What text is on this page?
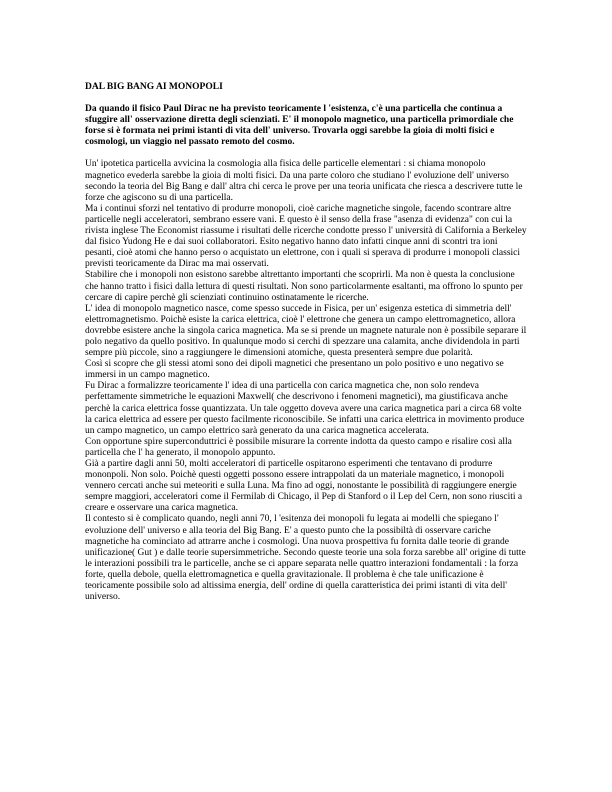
DAL BIG BANG AI MONOPOLI
Da quando il fisico Paul Dirac ne ha previsto teoricamente l 'esistenza, c'è una particella che continua a sfuggire all' osservazione diretta degli scienziati. E' il monopolo magnetico, una particella primordiale che forse si è formata nei primi istanti di vita dell' universo. Trovarla oggi sarebbe la gioia di molti fisici e cosmologi, un viaggio nel passato remoto del cosmo.

Un' ipotetica particella avvicina la cosmologia alla fisica delle particelle elementari : si chiama monopolo magnetico evederla sarebbe la gioia di molti fisici. Da una parte coloro che studiano l' evoluzione dell' universo secondo la teoria del Big Bang e dall' altra chi cerca le prove per una teoria unificata che riesca a descrivere tutte le forze che agiscono su di una particella.

Ma i continui sforzi nel tentativo di produrre monopoli, cioè cariche magnetiche singole, facendo scontrare altre particelle negli acceleratori, sembrano essere vani. E questo è il senso della frase "asenza di evidenza" con cui la rivista inglese The Economist riassume i risultati delle ricerche condotte presso l' università di California a Berkeley dal fisico Yudong He e dai suoi collaboratori. Esito negativo hanno dato infatti cinque anni di scontri tra ioni pesanti, cioè atomi che hanno perso o acquistato un elettrone, con i quali si sperava di produrre i monopoli classici previsti teoricamente da Dirac ma mai osservati.

Stabilire che i monopoli non esistono sarebbe altrettanto importanti che scoprirli. Ma non è questa la conclusione che hanno tratto i fisici dalla lettura di questi risultati. Non sono particolarmente esaltanti, ma offrono lo spunto per cercare di capire perchè gli scienziati continuino ostinatamente le ricerche.

L' idea di monopolo magnetico nasce, come spesso succede in Fisica, per un' esigenza estetica di simmetria dell' elettromagnetismo. Poichè esiste la carica elettrica, cioè l' elettrone che genera un campo elettromagnetico, allora dovrebbe esistere anche la singola carica magnetica. Ma se si prende un magnete naturale non è possibile separare il polo negativo da quello positivo. In qualunque modo si cerchi di spezzare una calamita, anche dividendola in parti sempre più piccole, sino a raggiungere le dimensioni atomiche, questa presenterà sempre due polarità.

Così si scopre che gli stessi atomi sono dei dipoli magnetici che presentano un polo positivo e uno negativo se immersi in un campo magnetico.

Fu Dirac a formalizzre teoricamente l' idea di una particella con carica magnetica che, non solo rendeva perfettamente simmetriche le equazioni Maxwell( che descrivono i fenomeni magnetici), ma giustificava anche perchè la carica elettrica fosse quantizzata. Un tale oggetto doveva avere una carica magnetica pari a circa 68 volte la carica elettrica ad essere per questo facilmente riconoscibile. Se infatti una carica elettrica in movimento produce un campo magnetico, un campo elettrico sarà generato da una carica magnetica accelerata.

Con opportune spire superconduttrici è possibile misurare la corrente indotta da questo campo e risalire così alla particella che l' ha generato, il monopolo appunto.

Già a partire dagli anni 50, molti acceleratori di particelle ospitarono esperimenti che tentavano di produrre mononpoli. Non solo. Poichè questi oggetti possono essere intrappolati da un materiale magnetico, i monopoli vennero cercati anche sui meteoriti e sulla Luna. Ma fino ad oggi, nonostante le possibilità di raggiungere energie sempre maggiori, acceleratori come il Fermilab di Chicago, il Pep di Stanford o il Lep del Cern, non sono riusciti a creare e osservare una carica magnetica.

Il contesto si è complicato quando, negli anni 70, l 'esitenza dei monopoli fu legata ai modelli che spiegano l' evoluzione dell' universo e alla teoria del Big Bang. E' a questo punto che la possibiltà di osservare cariche magnetiche ha cominciato ad attrarre anche i cosmologi. Una nuova prospettiva fu fornita dalle teorie di grande unificazione( Gut ) e dalle teorie supersimmetriche. Secondo queste teorie una sola forza sarebbe all' origine di tutte le interazioni possibili tra le particelle, anche se ci appare separata nelle quattro interazioni fondamentali : la forza forte, quella debole, quella elettromagnetica e quella gravitazionale. Il problema è che tale unificazione è teoricamente possibile solo ad altissima energia, dell' ordine di quella caratteristica dei primi istanti di vita dell' universo.
